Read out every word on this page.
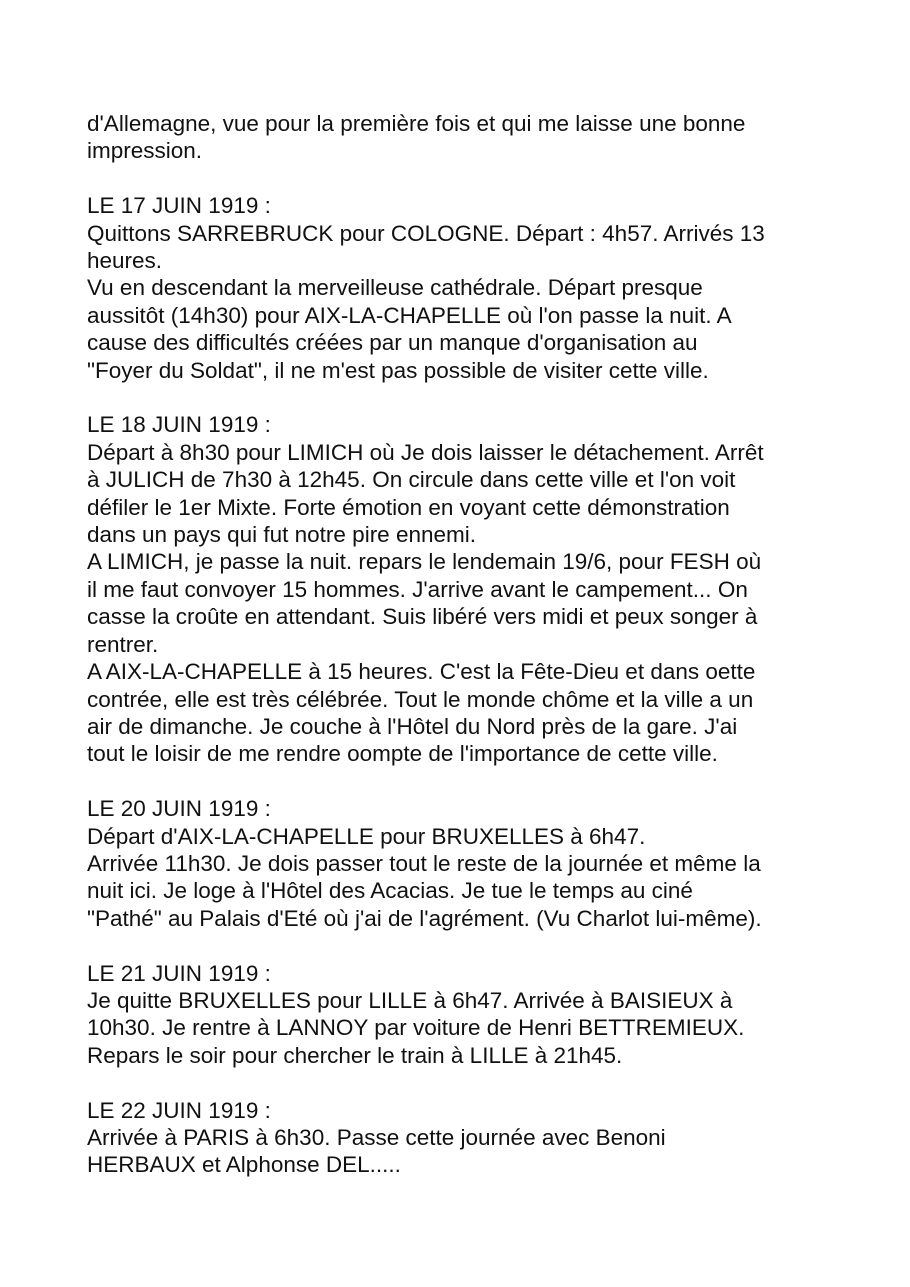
d'Allemagne, vue pour la première fois et qui me laisse une bonne
impression.
LE 17 JUIN 1919 :
Quittons SARREBRUCK pour COLOGNE. Départ : 4h57. Arrivés 13
heures.
Vu en descendant la merveilleuse cathédrale. Départ presque
aussitôt (14h30) pour AIX-LA-CHAPELLE où l'on passe la nuit. A
cause des difficultés créées par un manque d'organisation au
"Foyer du Soldat", il ne m'est pas possible de visiter cette ville.
LE 18 JUIN 1919 :
Départ à 8h30 pour LIMICH où Je dois laisser le détachement. Arrêt
à JULICH de 7h30 à 12h45. On circule dans cette ville et l'on voit
défiler le 1er Mixte. Forte émotion en voyant cette démonstration
dans un pays qui fut notre pire ennemi.
A LIMICH, je passe la nuit. repars le lendemain 19/6, pour FESH où
il me faut convoyer 15 hommes. J'arrive avant le campement... On
casse la croûte en attendant. Suis libéré vers midi et peux songer à
rentrer.
A AIX-LA-CHAPELLE à 15 heures. C'est la Fête-Dieu et dans oette
contrée, elle est très célébrée. Tout le monde chôme et la ville a un
air de dimanche. Je couche à l'Hôtel du Nord près de la gare. J'ai
tout le loisir de me rendre oompte de l'importance de cette ville.
LE 20 JUIN 1919 :
Départ d'AIX-LA-CHAPELLE pour BRUXELLES à 6h47.
Arrivée 11h30. Je dois passer tout le reste de la journée et même la
nuit ici. Je loge à l'Hôtel des Acacias. Je tue le temps au ciné
"Pathé" au Palais d'Eté où j'ai de l'agrément. (Vu Charlot lui-même).
LE 21 JUIN 1919 :
Je quitte BRUXELLES pour LILLE à 6h47. Arrivée à BAISIEUX à
10h30. Je rentre à LANNOY par voiture de Henri BETTREMIEUX.
Repars le soir pour chercher le train à LILLE à 21h45.
LE 22 JUIN 1919 :
Arrivée à PARIS à 6h30. Passe cette journée avec Benoni
HERBAUX et Alphonse DEL.....
